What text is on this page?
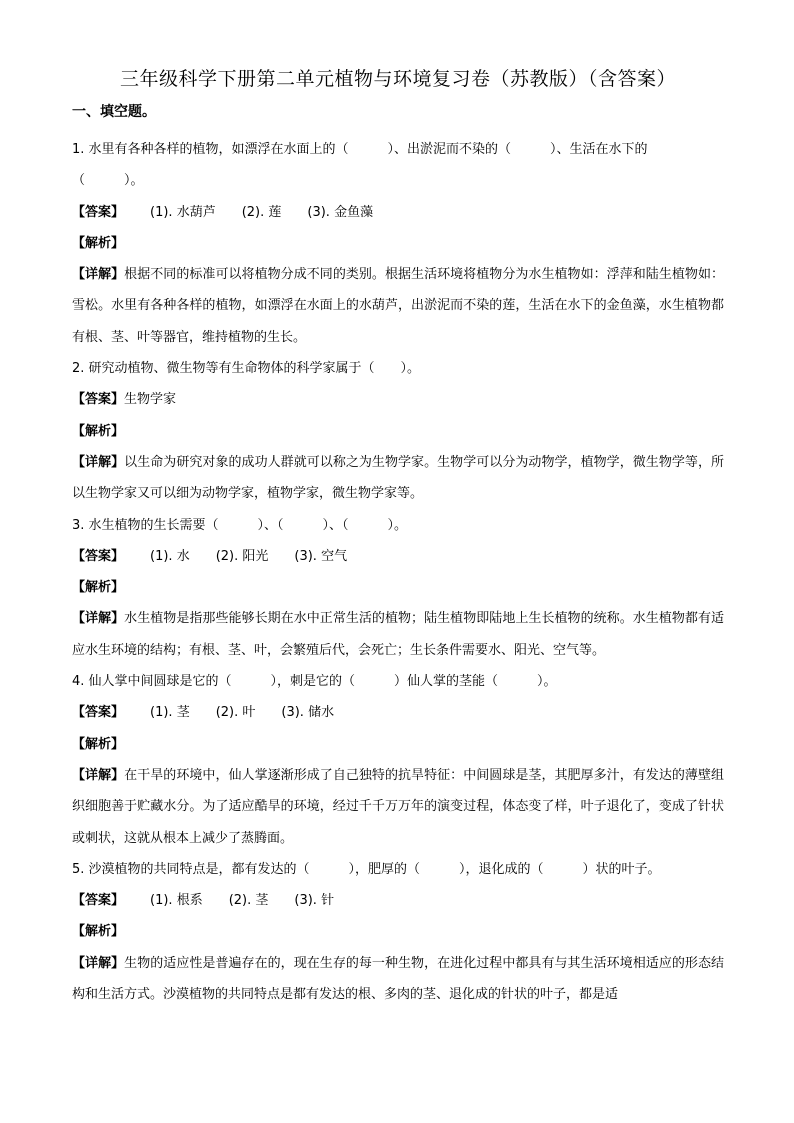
三年级科学下册第二单元植物与环境复习卷（苏教版）（含答案）
一、填空题。

1. 水里有各种各样的植物，如漂浮在水面上的（　　　）、出淤泥而不染的（　　　）、生活在水下的

（　　　）。

【答案】 (1). 水葫芦 (2). 莲 (3). 金鱼藻

【解析】

【详解】根据不同的标准可以将植物分成不同的类别。根据生活环境将植物分为水生植物如：浮萍和陆生植物如：雪松。水里有各种各样的植物，如漂浮在水面上的水葫芦，出淤泥而不染的莲，生活在水下的金鱼藻，水生植物都有根、茎、叶等器官，维持植物的生长。

2. 研究动植物、微生物等有生命物体的科学家属于（　　）。

【答案】生物学家

【解析】

【详解】以生命为研究对象的成功人群就可以称之为生物学家。生物学可以分为动物学，植物学，微生物学等，所以生物学家又可以细为动物学家，植物学家，微生物学家等。

3. 水生植物的生长需要（　　　）、（　　　）、（　　　）。

【答案】 (1). 水 (2). 阳光 (3). 空气

【解析】

【详解】水生植物是指那些能够长期在水中正常生活的植物；陆生植物即陆地上生长植物的统称。水生植物都有适应水生环境的结构；有根、茎、叶，会繁殖后代，会死亡；生长条件需要水、阳光、空气等。

4. 仙人掌中间圆球是它的（　　　），刺是它的（　　　）仙人掌的茎能（　　　）。

【答案】 (1). 茎 (2). 叶 (3). 储水

【解析】

【详解】在干旱的环境中，仙人掌逐渐形成了自己独特的抗旱特征：中间圆球是茎，其肥厚多汁，有发达的薄壁组织细胞善于贮藏水分。为了适应酷旱的环境，经过千千万万年的演变过程，体态变了样，叶子退化了，变成了针状或刺状，这就从根本上减少了蒸腾面。

5. 沙漠植物的共同特点是，都有发达的（　　　），肥厚的（　　　），退化成的（　　　）状的叶子。

【答案】 (1). 根系 (2). 茎 (3). 针

【解析】

【详解】生物的适应性是普遍存在的，现在生存的每一种生物，在进化过程中都具有与其生活环境相适应的形态结构和生活方式。沙漠植物的共同特点是都有发达的根、多肉的茎、退化成的针状的叶子，都是适
